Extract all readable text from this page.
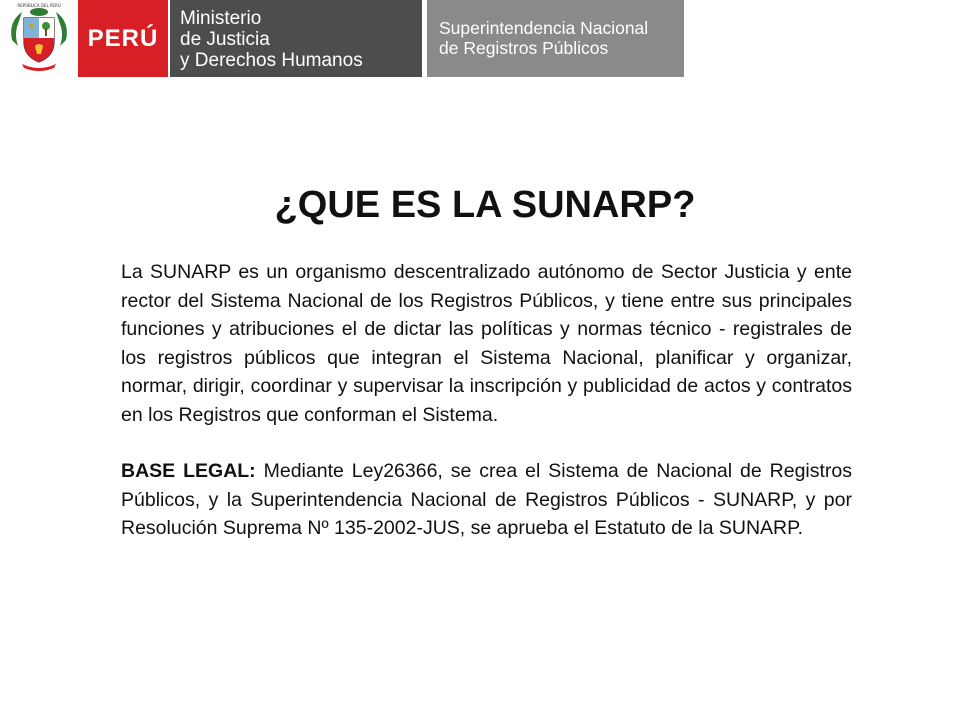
REPÚBLICA DEL PERÚ
PERÚ
Ministerio
de Justicia
y Derechos Humanos
Superintendencia Nacional
de Registros Públicos
¿QUE ES LA SUNARP?

La SUNARP es un organismo descentralizado autónomo de Sector Justicia y ente rector del Sistema Nacional de los Registros Públicos, y tiene entre sus principales funciones y atribuciones el de dictar las políticas y normas técnico - registrales de los registros públicos que integran el Sistema Nacional, planificar y organizar, normar, dirigir, coordinar y supervisar la inscripción y publicidad de actos y contratos en los Registros que conforman el Sistema.

BASE LEGAL: Mediante Ley26366, se crea el Sistema de Nacional de Registros Públicos, y la Superintendencia Nacional de Registros Públicos - SUNARP, y por Resolución Suprema Nº 135-2002-JUS, se aprueba el Estatuto de la SUNARP.
